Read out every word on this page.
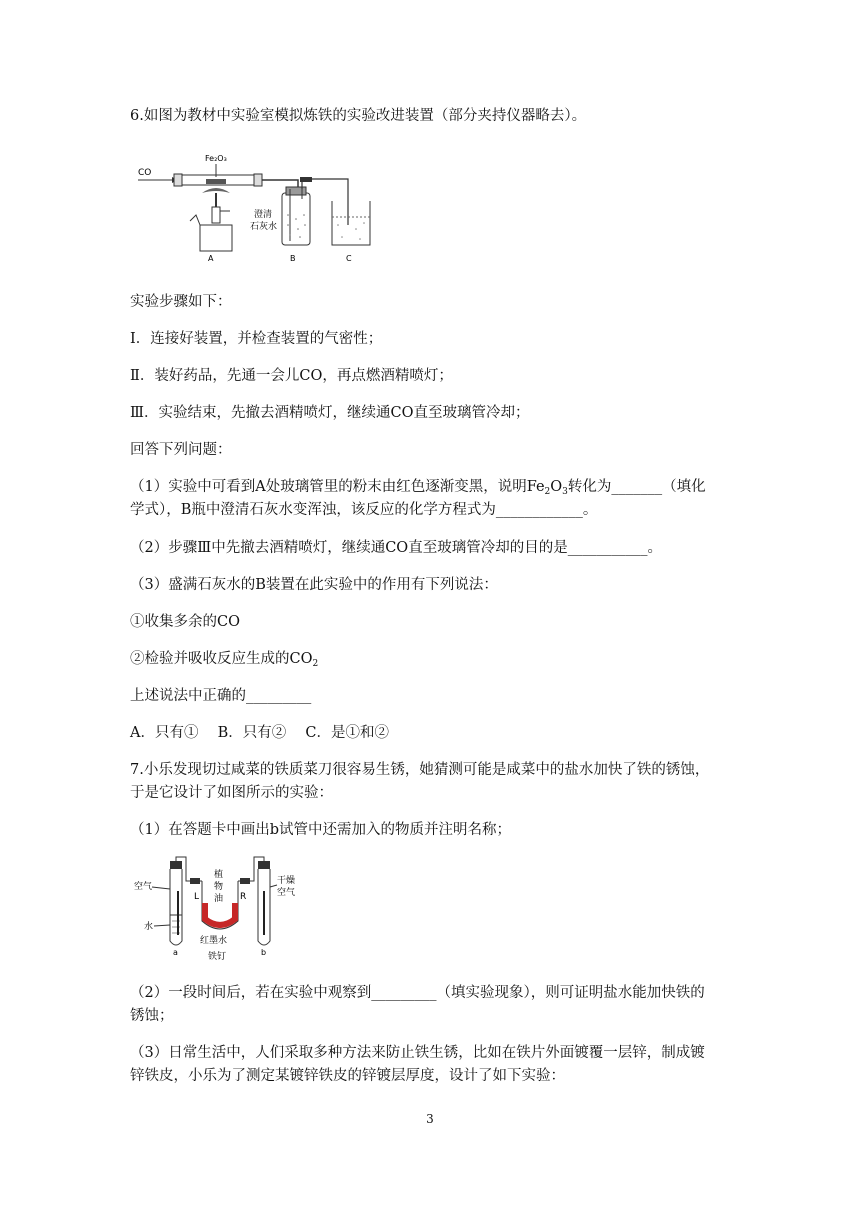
6.如图为教材中实验室模拟炼铁的实验改进装置（部分夹持仪器略去）。
CO
Fe₂O₃
A
澄清
石灰水
B	C
实验步骤如下：
Ⅰ．连接好装置，并检查装置的气密性；
Ⅱ．装好药品，先通一会儿CO，再点燃酒精喷灯；
Ⅲ．实验结束，先撤去酒精喷灯，继续通CO直至玻璃管冷却；
回答下列问题：
（1）实验中可看到A处玻璃管里的粉末由红色逐渐变黑，说明$Fe_2O_3$转化为_______（填化
学式），B瓶中澄清石灰水变浑浊，该反应的化学方程式为____________。
（2）步骤Ⅲ中先撤去酒精喷灯，继续通CO直至玻璃管冷却的目的是___________。
（3）盛满石灰水的B装置在此实验中的作用有下列说法：
①收集多余的CO
②检验并吸收反应生成的$CO_2$
上述说法中正确的_________
A．只有①　 B．只有②　 C．是①和②
7.小乐发现切过咸菜的铁质菜刀很容易生锈，她猜测可能是咸菜中的盐水加快了铁的锈蚀，
于是它设计了如图所示的实验：
（1）在答题卡中画出b试管中还需加入的物质并注明名称；
空气
水
a
L	R
植
物
油
红墨水
铁钉
干燥
空气
b
（2）一段时间后，若在实验中观察到_________（填实验现象），则可证明盐水能加快铁的
锈蚀；
（3）日常生活中，人们采取多种方法来防止铁生锈，比如在铁片外面镀覆一层锌，制成镀
锌铁皮，小乐为了测定某镀锌铁皮的锌镀层厚度，设计了如下实验：
3
